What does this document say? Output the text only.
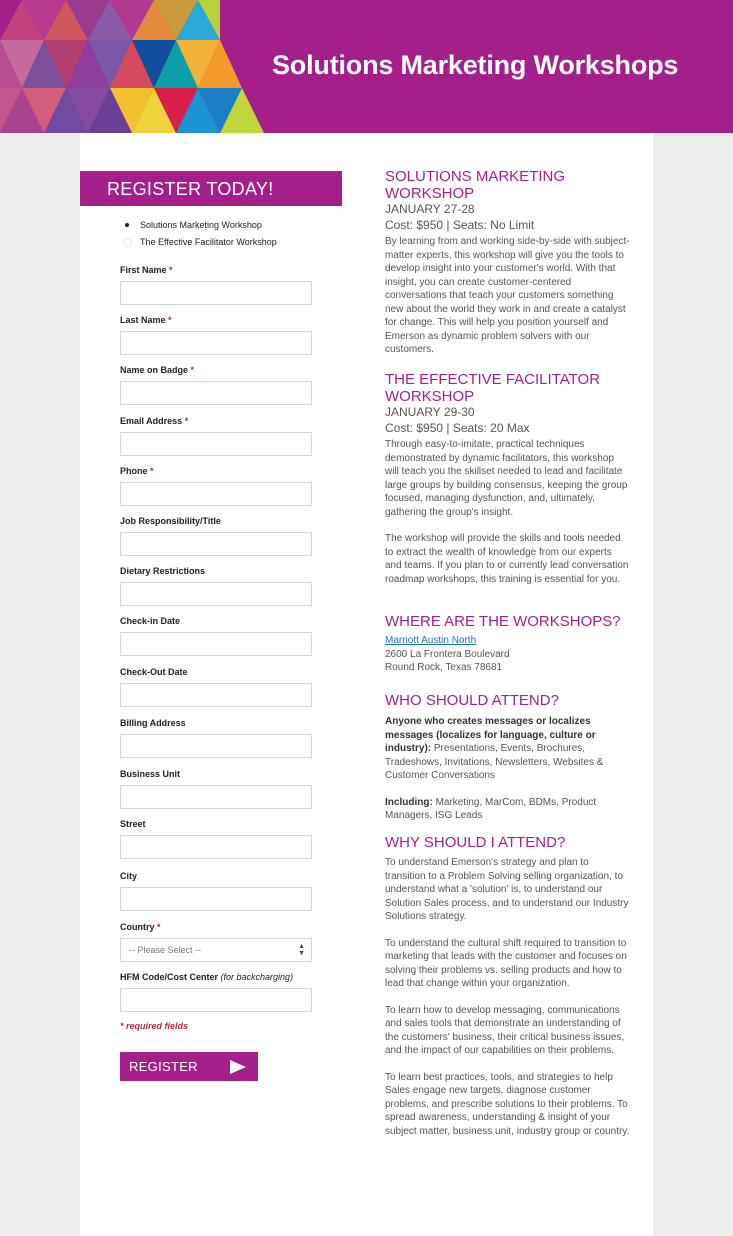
Solutions Marketing Workshops
REGISTER TODAY!
Solutions Marketing Workshop
The Effective Facilitator Workshop
First Name *
Last Name *
Name on Badge *
Email Address *
Phone *
Job Responsibility/Title
Dietary Restrictions
Check-in Date
Check-Out Date
Billing Address
Business Unit
Street
City
Country *
-- Please Select --	▲
▼
HFM Code/Cost Center (for backcharging)
* required fields
REGISTER
SOLUTIONS MARKETING WORKSHOP
JANUARY 27-28
Cost: $950 | Seats: No Limit
By learning from and working side-by-side with subject-matter experts, this workshop will give you the tools to develop insight into your customer's world. With that insight, you can create customer-centered conversations that teach your customers something new about the world they work in and create a catalyst for change. This will help you position yourself and Emerson as dynamic problem solvers with our customers.
THE EFFECTIVE FACILITATOR WORKSHOP
JANUARY 29-30
Cost: $950 | Seats: 20 Max
Through easy-to-imitate, practical techniques demonstrated by dynamic facilitators, this workshop will teach you the skillset needed to lead and facilitate large groups by building consensus, keeping the group focused, managing dysfunction, and, ultimately, gathering the group's insight.
The workshop will provide the skills and tools needed to extract the wealth of knowledge from our experts and teams. If you plan to or currently lead conversation roadmap workshops, this training is essential for you.
WHERE ARE THE WORKSHOPS?
Marriott Austin North
2600 La Frontera Boulevard
Round Rock, Texas 78681
WHO SHOULD ATTEND?
Anyone who creates messages or localizes messages (localizes for language, culture or industry): Presentations, Events, Brochures, Tradeshows, Invitations, Newsletters, Websites & Customer Conversations
Including: Marketing, MarCom, BDMs, Product Managers, ISG Leads
WHY SHOULD I ATTEND?
To understand Emerson's strategy and plan to transition to a Problem Solving selling organization, to understand what a 'solution' is, to understand our Solution Sales process, and to understand our Industry Solutions strategy.
To understand the cultural shift required to transition to marketing that leads with the customer and focuses on solving their problems vs. selling products and how to lead that change within your organization.
To learn how to develop messaging, communications and sales tools that demonstrate an understanding of the customers' business, their critical business issues, and the impact of our capabilities on their problems.
To learn best practices, tools, and strategies to help Sales engage new targets, diagnose customer problems, and prescribe solutions to their problems. To spread awareness, understanding & insight of your subject matter, business unit, industry group or country.
